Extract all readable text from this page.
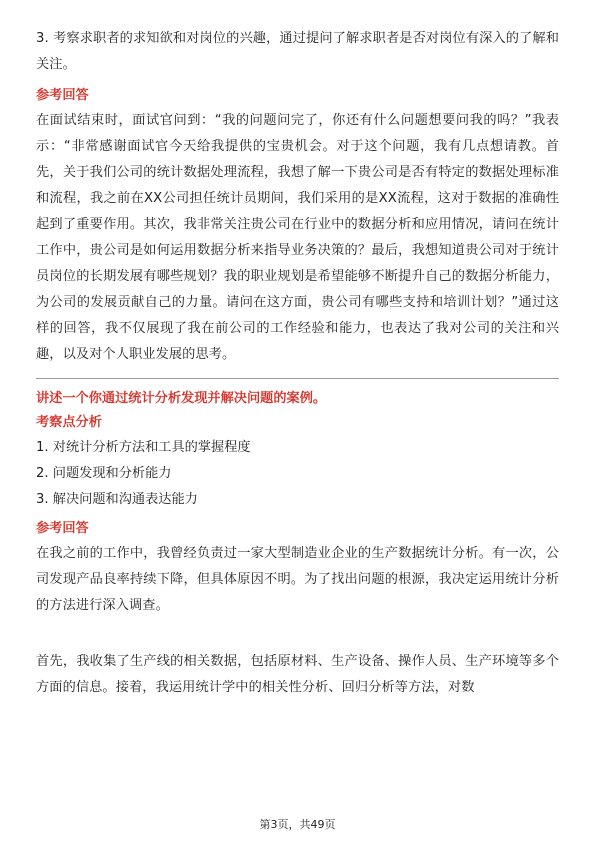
3. 考察求职者的求知欲和对岗位的兴趣，通过提问了解求职者是否对岗位有深入的了解和关注。

参考回答

在面试结束时，面试官问到：“我的问题问完了，你还有什么问题想要问我的吗？”我表示：“非常感谢面试官今天给我提供的宝贵机会。对于这个问题，我有几点想请教。首先，关于我们公司的统计数据处理流程，我想了解一下贵公司是否有特定的数据处理标准和流程，我之前在XX公司担任统计员期间，我们采用的是XX流程，这对于数据的准确性起到了重要作用。其次，我非常关注贵公司在行业中的数据分析和应用情况，请问在统计工作中，贵公司是如何运用数据分析来指导业务决策的？最后，我想知道贵公司对于统计员岗位的长期发展有哪些规划？我的职业规划是希望能够不断提升自己的数据分析能力，为公司的发展贡献自己的力量。请问在这方面，贵公司有哪些支持和培训计划？”通过这样的回答，我不仅展现了我在前公司的工作经验和能力，也表达了我对公司的关注和兴趣，以及对个人职业发展的思考。

讲述一个你通过统计分析发现并解决问题的案例。

考察点分析

1. 对统计分析方法和工具的掌握程度

2. 问题发现和分析能力

3. 解决问题和沟通表达能力

参考回答

在我之前的工作中，我曾经负责过一家大型制造业企业的生产数据统计分析。有一次，公司发现产品良率持续下降，但具体原因不明。为了找出问题的根源，我决定运用统计分析的方法进行深入调查。

首先，我收集了生产线的相关数据，包括原材料、生产设备、操作人员、生产环境等多个方面的信息。接着，我运用统计学中的相关性分析、回归分析等方法，对数

第3页，共49页
